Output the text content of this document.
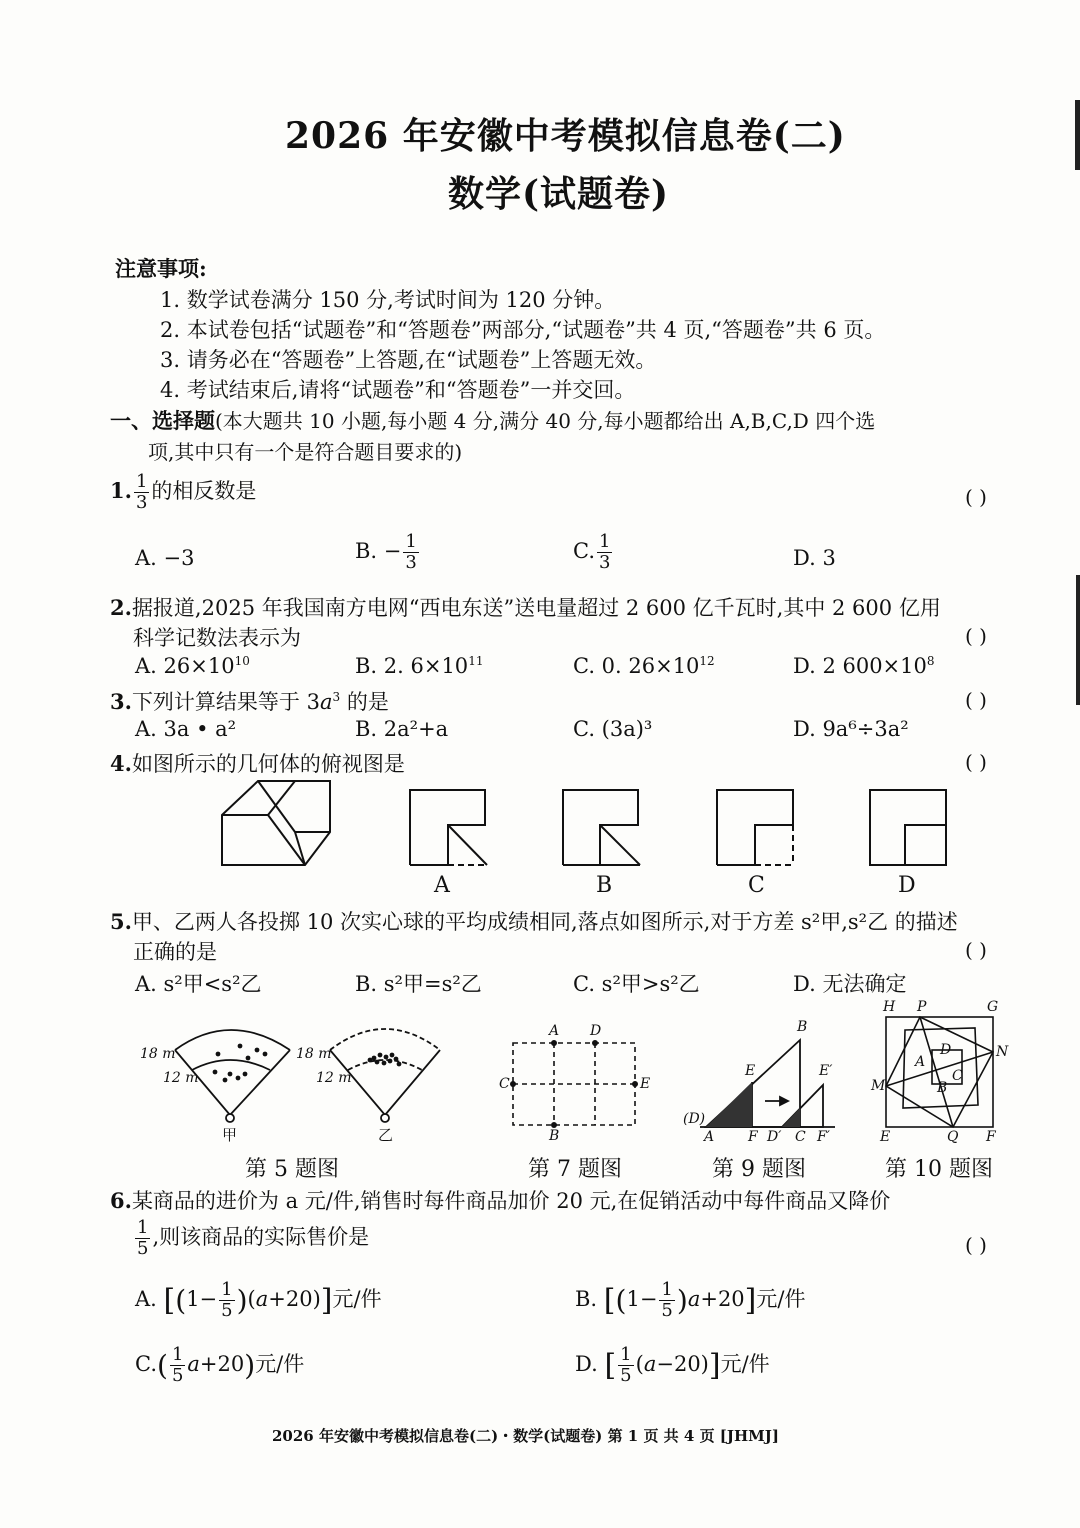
2026 年安徽中考模拟信息卷(二)
数学(试题卷)
注意事项:
1. 数学试卷满分 150 分,考试时间为 120 分钟。
2. 本试卷包括“试题卷”和“答题卷”两部分,“试题卷”共 4 页,“答题卷”共 6 页。
3. 请务必在“答题卷”上答题,在“试题卷”上答题无效。
4. 考试结束后,请将“试题卷”和“答题卷”一并交回。
一、选择题(本大题共 10 小题,每小题 4 分,满分 40 分,每小题都给出 A,B,C,D 四个选
项,其中只有一个是符合题目要求的)
1. $\frac{1}{3}$ 的相反数是	( )
A. −3	B. − $\frac{1}{3}$	C. $\frac{1}{3}$	D. 3
2.据报道,2025 年我国南方电网“西电东送”送电量超过 2 600 亿千瓦时,其中 2 600 亿用
科学记数法表示为	( )
A. $26\times 10^{10}$	B. 2. $6\times 10^{11}$	C. 0. $26\times 10^{12}$	D. 2 $600\times 10^8$
3.下列计算结果等于 $3a^3$ 的是	( )
A. 3a • a²	B. 2a²+a	C. (3a)³	D. 9a⁶÷3a²
4.如图所示的几何体的俯视图是	( )
A	B	C	D
5.甲、乙两人各投掷 10 次实心球的平均成绩相同,落点如图所示,对于方差 s²甲,s²乙 的描述
正确的是	( )
A. s²甲<s²乙	B. s²甲=s²乙	C. s²甲>s²乙	D. 无法确定
18 m
12 m
甲
18 m
12 m
乙
A D
C	E
B
B
E	E′
(D)
A F D′ C F′
H P	G
N
D
A
M	B
C
E	Q F
第 5 题图	第 7 题图	第 9 题图	第 10 题图
6.某商品的进价为 a 元/件,销售时每件商品加价 20 元,在促销活动中每件商品又降价
$\frac{1}{5}$ ,则该商品的实际售价是	( )
A. $[(1- \frac{1}{5} )(a+20)]$元/件	B. $[(1- \frac{1}{5} )a+20]$元/件
$C.( \frac{1}{5} a+20)$元/件	D. [ $\frac{1}{5} (a-20)$]元/件
2026 年安徽中考模拟信息卷(二)・数学(试题卷) 第 1 页 共 4 页 [JHMJ]
